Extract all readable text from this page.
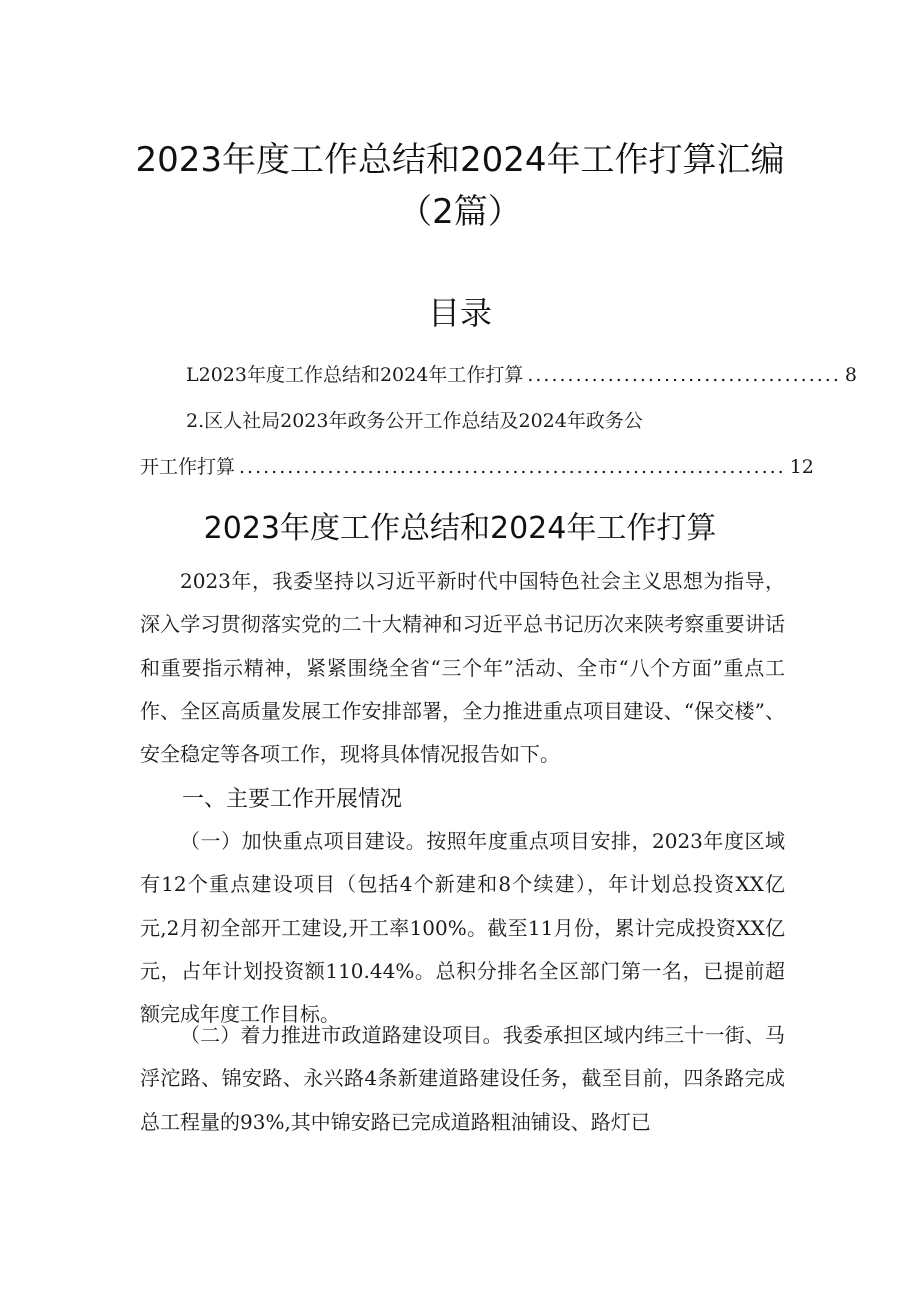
2023年度工作总结和2024年工作打算汇编
（2篇）
目录
L2023年度工作总结和2024年工作打算 ....................................... 8
2.区人社局2023年政务公开工作总结及2024年政务公
开工作打算 .................................................................... 12
2023年度工作总结和2024年工作打算

2023年，我委坚持以习近平新时代中国特色社会主义思想为指导，深入学习贯彻落实党的二十大精神和习近平总书记历次来陕考察重要讲话和重要指示精神，紧紧围绕全省“三个年”活动、全市“八个方面”重点工作、全区高质量发展工作安排部署，全力推进重点项目建设、“保交楼”、安全稳定等各项工作，现将具体情况报告如下。

一、主要工作开展情况

（一）加快重点项目建设。按照年度重点项目安排，2023年度区域有12个重点建设项目（包括4个新建和8个续建），年计划总投资XX亿元,2月初全部开工建设,开工率100%。截至11月份，累计完成投资XX亿元，占年计划投资额110.44%。总积分排名全区部门第一名，已提前超额完成年度工作目标。

（二）着力推进市政道路建设项目。我委承担区域内纬三十一街、马浮沱路、锦安路、永兴路4条新建道路建设任务，截至目前，四条路完成总工程量的93%,其中锦安路已完成道路粗油铺设、路灯已
